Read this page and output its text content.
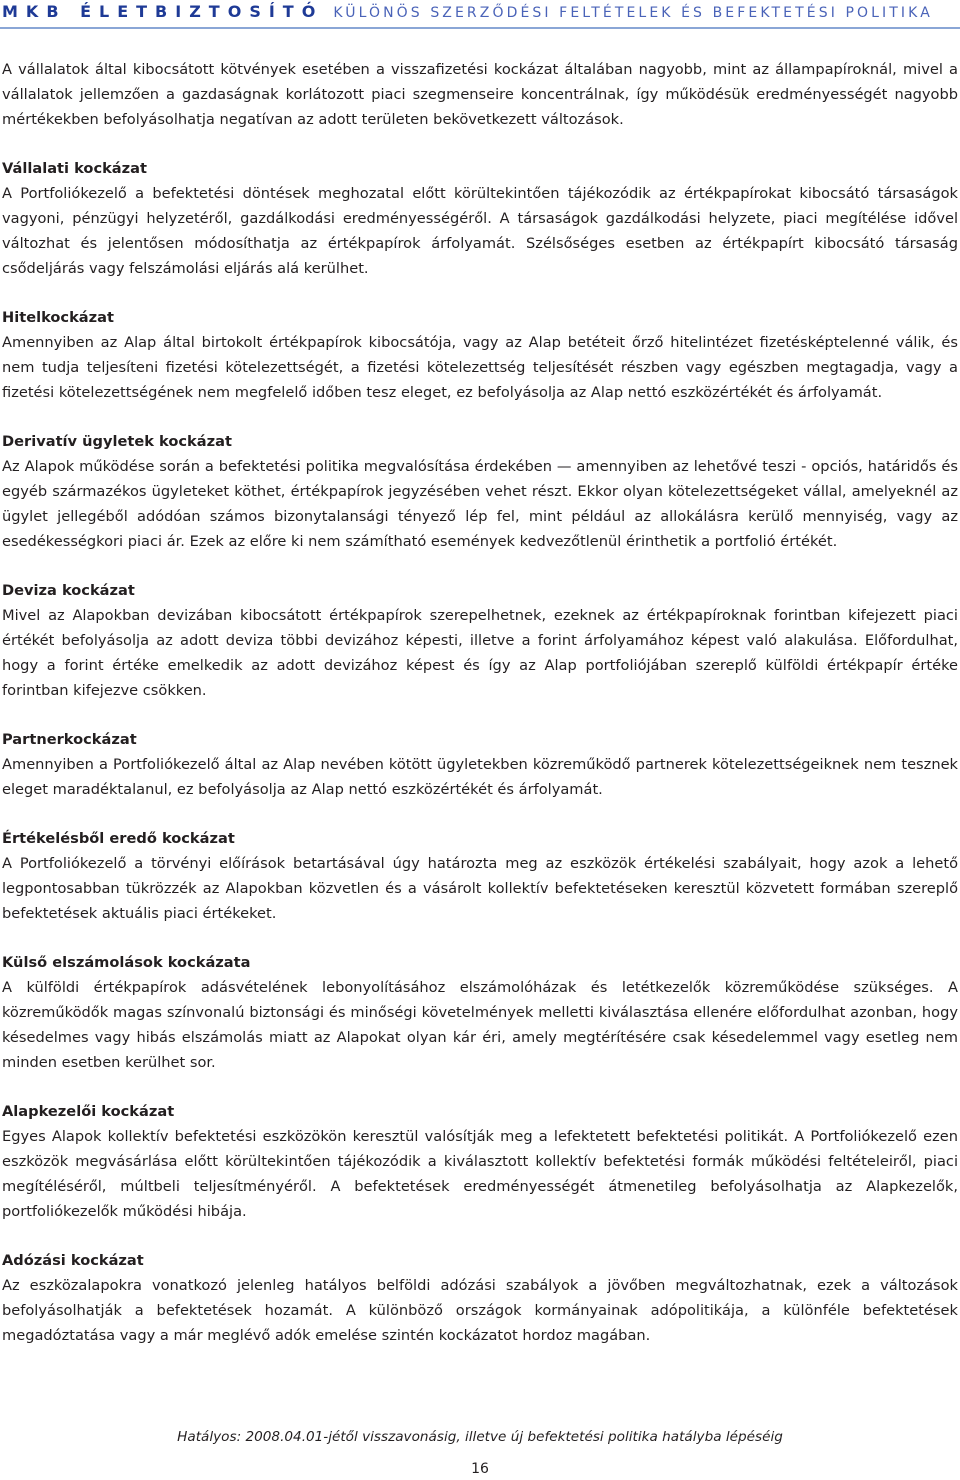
MKB ÉLETBIZTOSÍTÓ KÜLÖNÖS SZERZŐDÉSI FELTÉTELEK ÉS BEFEKTETÉSI POLITIKA

A vállalatok által kibocsátott kötvények esetében a visszafizetési kockázat általában nagyobb, mint az állampapíroknál, mivel a vállalatok jellemzően a gazdaságnak korlátozott piaci szegmenseire koncentrálnak, így működésük eredményességét nagyobb mértékekben befolyásolhatja negatívan az adott területen bekövetkezett változások.

Vállalati kockázat

A Portfoliókezelő a befektetési döntések meghozatal előtt körültekintően tájékozódik az értékpapírokat kibocsátó társaságok vagyoni, pénzügyi helyzetéről, gazdálkodási eredményességéről. A társaságok gazdálkodási helyzete, piaci megítélése idővel változhat és jelentősen módosíthatja az értékpapírok árfolyamát. Szélsőséges esetben az értékpapírt kibocsátó társaság csődeljárás vagy felszámolási eljárás alá kerülhet.

Hitelkockázat

Amennyiben az Alap által birtokolt értékpapírok kibocsátója, vagy az Alap betéteit őrző hitelintézet fizetésképtelenné válik, és nem tudja teljesíteni fizetési kötelezettségét, a fizetési kötelezettség teljesítését részben vagy egészben megtagadja, vagy a fizetési kötelezettségének nem megfelelő időben tesz eleget, ez befolyásolja az Alap nettó eszközértékét és árfolyamát.

Derivatív ügyletek kockázat

Az Alapok működése során a befektetési politika megvalósítása érdekében — amennyiben az lehetővé teszi - opciós, határidős és egyéb származékos ügyleteket köthet, értékpapírok jegyzésében vehet részt. Ekkor olyan kötelezettségeket vállal, amelyeknél az ügylet jellegéből adódóan számos bizonytalansági tényező lép fel, mint például az allokálásra kerülő mennyiség, vagy az esedékességkori piaci ár. Ezek az előre ki nem számítható események kedvezőtlenül érinthetik a portfolió értékét.

Deviza kockázat

Mivel az Alapokban devizában kibocsátott értékpapírok szerepelhetnek, ezeknek az értékpapíroknak forintban kifejezett piaci értékét befolyásolja az adott deviza többi devizához képesti, illetve a forint árfolyamához képest való alakulása. Előfordulhat, hogy a forint értéke emelkedik az adott devizához képest és így az Alap portfoliójában szereplő külföldi értékpapír értéke forintban kifejezve csökken.

Partnerkockázat

Amennyiben a Portfoliókezelő által az Alap nevében kötött ügyletekben közreműködő partnerek kötelezettségeiknek nem tesznek eleget maradéktalanul, ez befolyásolja az Alap nettó eszközértékét és árfolyamát.

Értékelésből eredő kockázat

A Portfoliókezelő a törvényi előírások betartásával úgy határozta meg az eszközök értékelési szabályait, hogy azok a lehető legpontosabban tükrözzék az Alapokban közvetlen és a vásárolt kollektív befektetéseken keresztül közvetett formában szereplő befektetések aktuális piaci értékeket.

Külső elszámolások kockázata

A külföldi értékpapírok adásvételének lebonyolításához elszámolóházak és letétkezelők közreműködése szükséges. A közreműködők magas színvonalú biztonsági és minőségi követelmények melletti kiválasztása ellenére előfordulhat azonban, hogy késedelmes vagy hibás elszámolás miatt az Alapokat olyan kár éri, amely megtérítésére csak késedelemmel vagy esetleg nem minden esetben kerülhet sor.

Alapkezelői kockázat

Egyes Alapok kollektív befektetési eszközökön keresztül valósítják meg a lefektetett befektetési politikát. A Portfoliókezelő ezen eszközök megvásárlása előtt körültekintően tájékozódik a kiválasztott kollektív befektetési formák működési feltételeiről, piaci megítéléséről, múltbeli teljesítményéről. A befektetések eredményességét átmenetileg befolyásolhatja az Alapkezelők, portfoliókezelők működési hibája.

Adózási kockázat

Az eszközalapokra vonatkozó jelenleg hatályos belföldi adózási szabályok a jövőben megváltozhatnak, ezek a változások befolyásolhatják a befektetések hozamát. A különböző országok kormányainak adópolitikája, a különféle befektetések megadóztatása vagy a már meglévő adók emelése szintén kockázatot hordoz magában.

Hatályos: 2008.04.01-jétől visszavonásig, illetve új befektetési politika hatályba lépéséig
16
